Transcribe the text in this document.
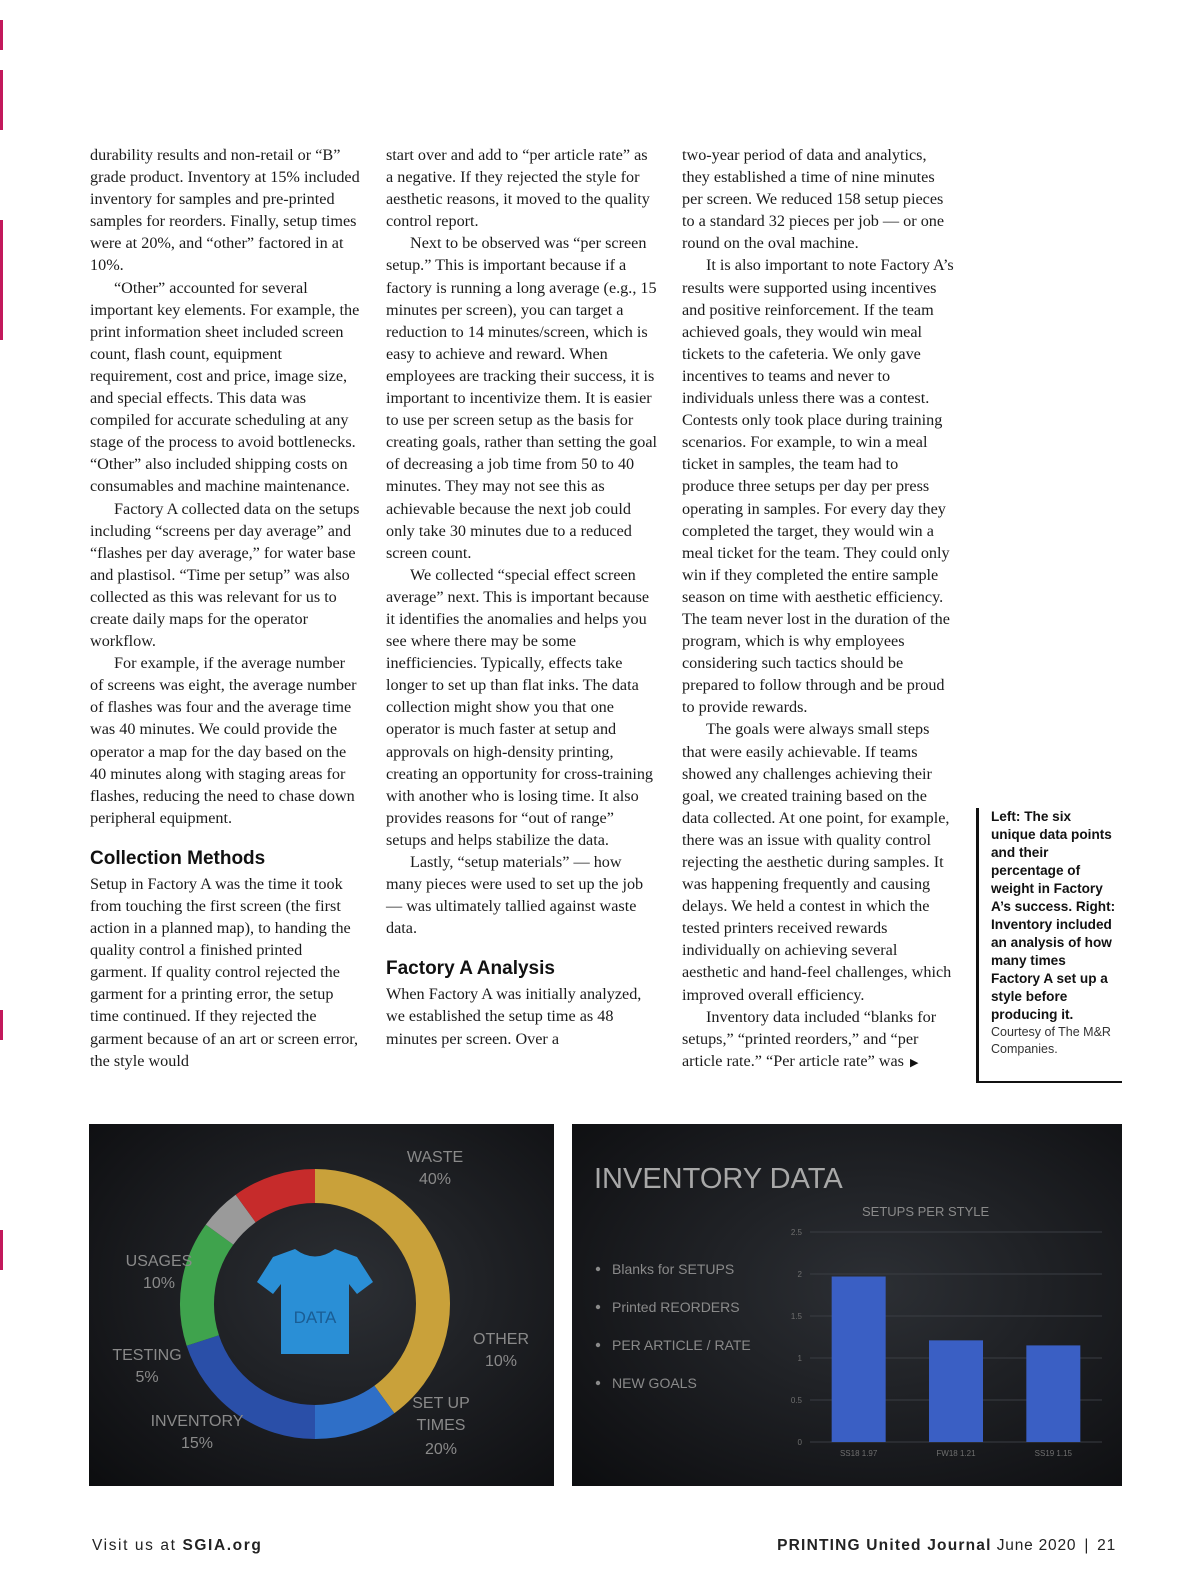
durability results and non-retail or “B” grade product. Inventory at 15% included inventory for samples and pre-printed samples for reorders. Finally, setup times were at 20%, and “other” factored in at 10%.

“Other” accounted for several important key elements. For example, the print information sheet included screen count, flash count, equipment requirement, cost and price, image size, and special effects. This data was compiled for accurate scheduling at any stage of the process to avoid bottlenecks. “Other” also included shipping costs on consumables and machine maintenance.

Factory A collected data on the setups including “screens per day average” and “flashes per day average,” for water base and plastisol. “Time per setup” was also collected as this was relevant for us to create daily maps for the operator workflow.

For example, if the average number of screens was eight, the average number of flashes was four and the average time was 40 minutes. We could provide the operator a map for the day based on the 40 minutes along with staging areas for flashes, reducing the need to chase down peripheral equipment.

Collection Methods

Setup in Factory A was the time it took from touching the first screen (the first action in a planned map), to handing the quality control a finished printed garment. If quality control rejected the garment for a printing error, the setup time continued. If they rejected the garment because of an art or screen error, the style would

start over and add to “per article rate” as a negative. If they rejected the style for aesthetic reasons, it moved to the quality control report.

Next to be observed was “per screen setup.” This is important because if a factory is running a long average (e.g., 15 minutes per screen), you can target a reduction to 14 minutes/screen, which is easy to achieve and reward. When employees are tracking their success, it is important to incentivize them. It is easier to use per screen setup as the basis for creating goals, rather than setting the goal of decreasing a job time from 50 to 40 minutes. They may not see this as achievable because the next job could only take 30 minutes due to a reduced screen count.

We collected “special effect screen average” next. This is important because it identifies the anomalies and helps you see where there may be some inefficiencies. Typically, effects take longer to set up than flat inks. The data collection might show you that one operator is much faster at setup and approvals on high-density printing, creating an opportunity for cross-training with another who is losing time. It also provides reasons for “out of range” setups and helps stabilize the data.

Lastly, “setup materials” — how many pieces were used to set up the job — was ultimately tallied against waste data.

Factory A Analysis

When Factory A was initially analyzed, we established the setup time as 48 minutes per screen. Over a

two-year period of data and analytics, they established a time of nine minutes per screen. We reduced 158 setup pieces to a standard 32 pieces per job — or one round on the oval machine.

It is also important to note Factory A’s results were supported using incentives and positive reinforcement. If the team achieved goals, they would win meal tickets to the cafeteria. We only gave incentives to teams and never to individuals unless there was a contest. Contests only took place during training scenarios. For example, to win a meal ticket in samples, the team had to produce three setups per day per press operating in samples. For every day they completed the target, they would win a meal ticket for the team. They could only win if they completed the entire sample season on time with aesthetic efficiency. The team never lost in the duration of the program, which is why employees considering such tactics should be prepared to follow through and be proud to provide rewards.

The goals were always small steps that were easily achievable. If teams showed any challenges achieving their goal, we created training based on the data collected. At one point, for example, there was an issue with quality control rejecting the aesthetic during samples. It was happening frequently and causing delays. We held a contest in which the tested printers received rewards individually on achieving several aesthetic and hand-feel challenges, which improved overall efficiency.

Inventory data included “blanks for setups,” “printed reorders,” and “per article rate.” “Per article rate” was ▶

Left: The six unique data points and their percentage of weight in Factory A’s success. Right: Inventory included an analysis of how many times Factory A set up a style before producing it.
Courtesy of The M&R Companies.
DATA
WASTE
40%
USAGES
10%
TESTING
5%
INVENTORY
15%
OTHER
10%
SET UP
TIMES
20%
INVENTORY DATA
SETUPS PER STYLE
Blanks for SETUPS
Printed REORDERS
PER ARTICLE / RATE
NEW GOALS
0
0.5
1
1.5
2
2.5
SS18 1.97	FW18 1.21	SS19 1.15
Visit us at SGIA.org	PRINTING United Journal June 2020 | 21
